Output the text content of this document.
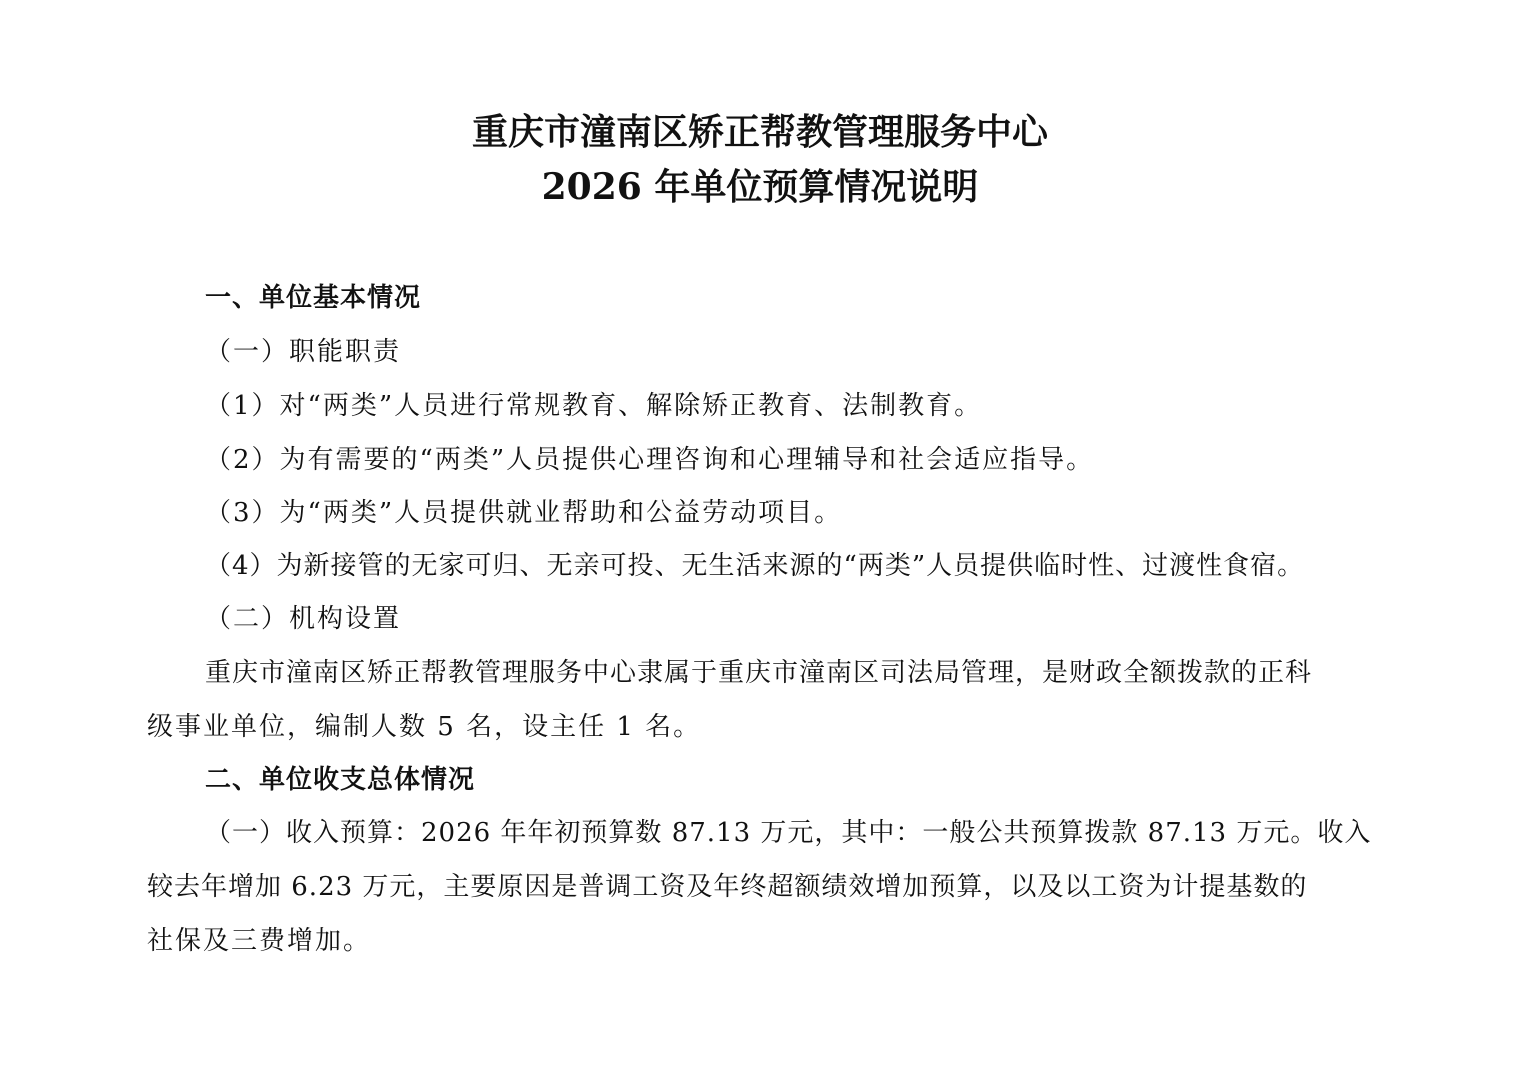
重庆市潼南区矫正帮教管理服务中心
2026 年单位预算情况说明
一、单位基本情况
（一）职能职责
（1）对“两类”人员进行常规教育、解除矫正教育、法制教育。
（2）为有需要的“两类”人员提供心理咨询和心理辅导和社会适应指导。
（3）为“两类”人员提供就业帮助和公益劳动项目。
（4）为新接管的无家可归、无亲可投、无生活来源的“两类”人员提供临时性、过渡性食宿。
（二）机构设置
重庆市潼南区矫正帮教管理服务中心隶属于重庆市潼南区司法局管理，是财政全额拨款的正科
级事业单位，编制人数 5 名，设主任 1 名。
二、单位收支总体情况
（一）收入预算：2026 年年初预算数 87.13 万元，其中：一般公共预算拨款 87.13 万元。收入
较去年增加 6.23 万元，主要原因是普调工资及年终超额绩效增加预算，以及以工资为计提基数的
社保及三费增加。
